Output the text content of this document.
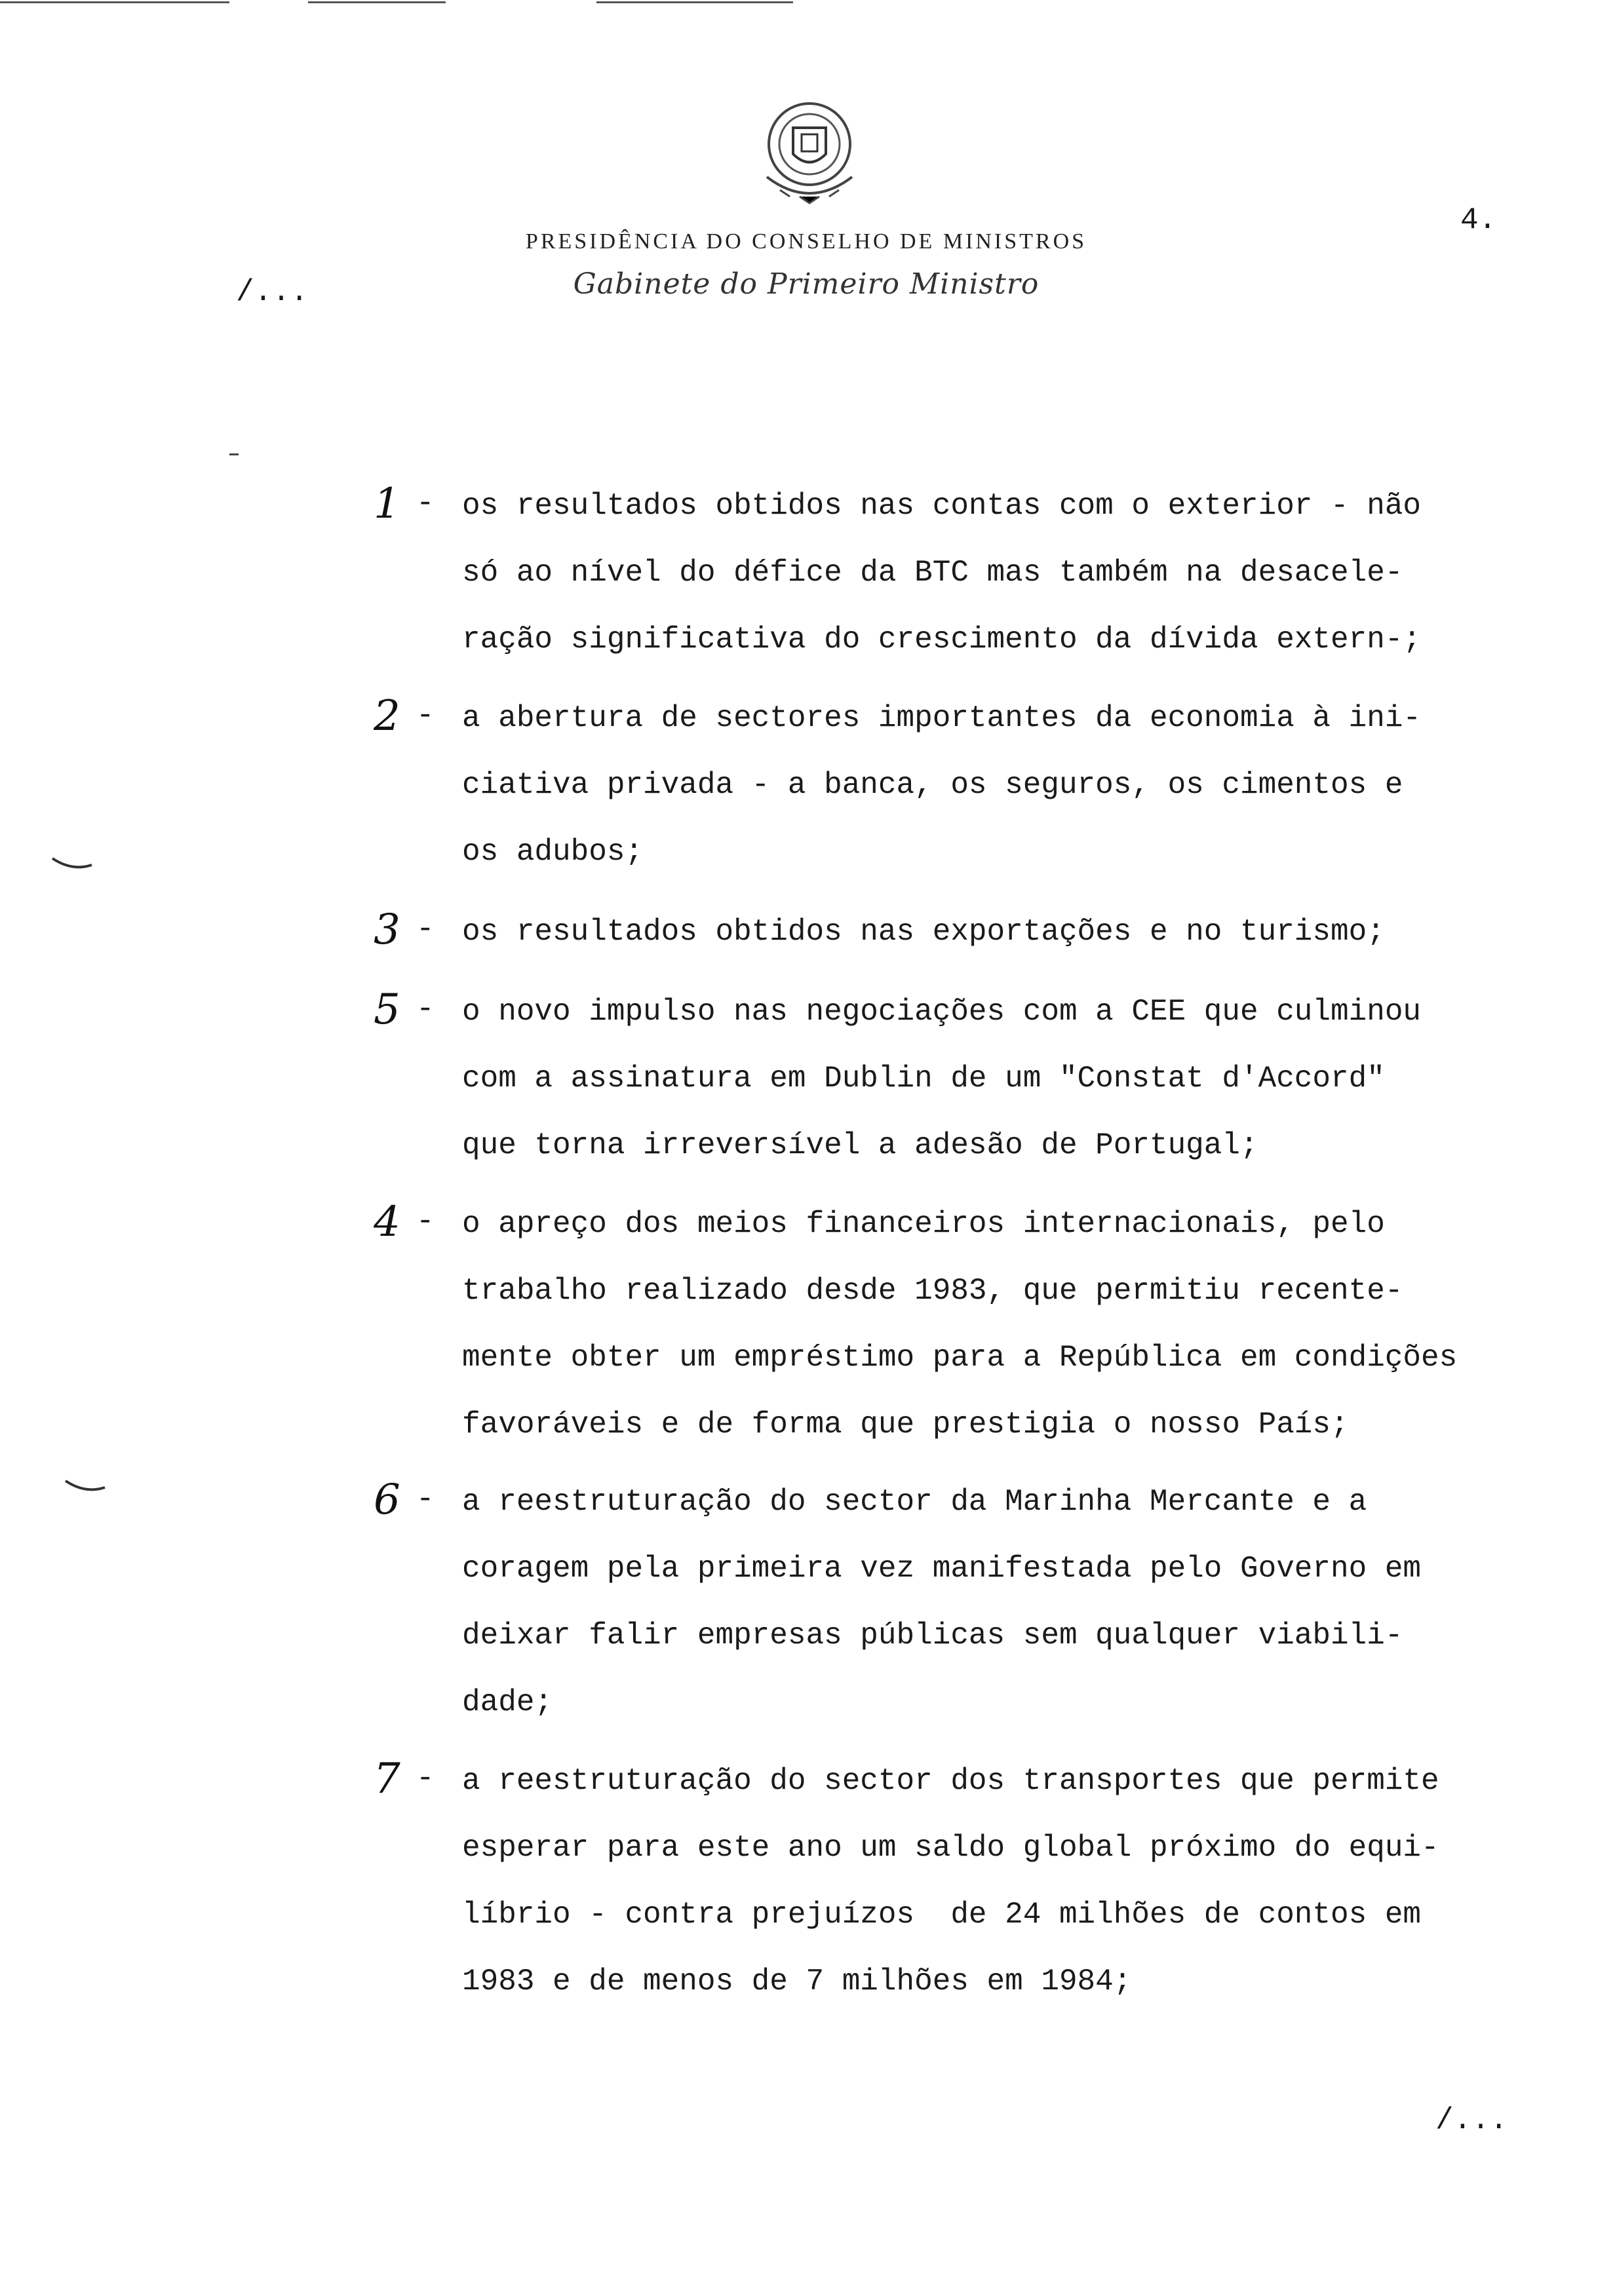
PRESIDÊNCIA DO CONSELHO DE MINISTROS
Gabinete do Primeiro Ministro
4.
/...
1 - os resultados obtidos nas contas com o exterior - não
só ao nível do défice da BTC mas também na desacele-
ração significativa do crescimento da dívida extern-;
2 - a abertura de sectores importantes da economia à ini-
ciativa privada - a banca, os seguros, os cimentos e
os adubos;
3 - os resultados obtidos nas exportações e no turismo;
5 - o novo impulso nas negociações com a CEE que culminou
com a assinatura em Dublin de um "Constat d'Accord"
que torna irreversível a adesão de Portugal;
4 - o apreço dos meios financeiros internacionais, pelo
trabalho realizado desde 1983, que permitiu recente-
mente obter um empréstimo para a República em condições
favoráveis e de forma que prestigia o nosso País;
6 - a reestruturação do sector da Marinha Mercante e a
coragem pela primeira vez manifestada pelo Governo em
deixar falir empresas públicas sem qualquer viabili-
dade;
7 - a reestruturação do sector dos transportes que permite
esperar para este ano um saldo global próximo do equi-
líbrio - contra prejuízos  de 24 milhões de contos em
1983 e de menos de 7 milhões em 1984;
/...
